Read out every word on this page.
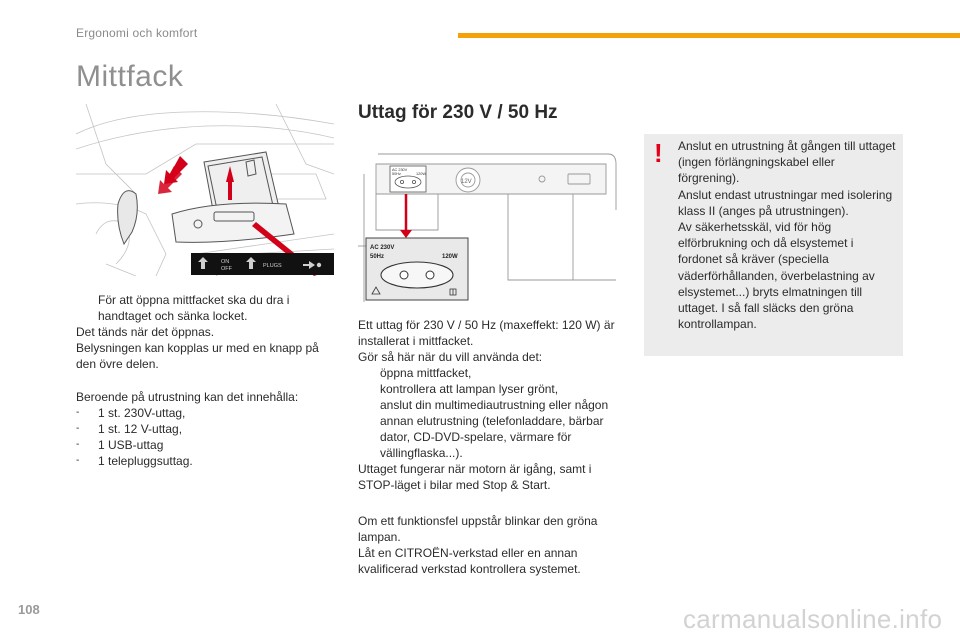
Ergonomi och komfort
Mittfack
Uttag för 230 V / 50 Hz
ON
OFF	PLUGS
AC 230V
50Hz	120W
12V
AC 230V
50Hz	120W
För att öppna mittfacket ska du dra i handtaget och sänka locket.

Det tänds när det öppnas.

Belysningen kan kopplas ur med en knapp på den övre delen.

Beroende på utrustning kan det innehålla:

-	1 st. 230V-uttag,
-	1 st. 12 V-uttag,
-	1 USB-uttag
-	1 telepluggsuttag.

Ett uttag för 230 V / 50 Hz (maxeffekt: 120 W) är installerat i mittfacket.

Gör så här när du vill använda det:

öppna mittfacket,
kontrollera att lampan lyser grönt,
anslut din multimediautrustning eller någon annan elutrustning (telefonladdare, bärbar dator, CD-DVD-spelare, värmare för vällingflaska...).

Uttaget fungerar när motorn är igång, samt i STOP-läget i bilar med Stop & Start.

Om ett funktionsfel uppstår blinkar den gröna lampan.

Låt en CITROËN-verkstad eller en annan kvalificerad verkstad kontrollera systemet.

! Anslut en utrustning åt gången till uttaget (ingen förlängningskabel eller förgrening).

Anslut endast utrustningar med isolering klass II (anges på utrustningen).

Av säkerhetsskäl, vid för hög elförbrukning och då elsystemet i fordonet så kräver (speciella väderförhållanden, överbelastning av elsystemet...) bryts elmatningen till uttaget. I så fall släcks den gröna kontrollampan.

108	carmanualsonline.info
